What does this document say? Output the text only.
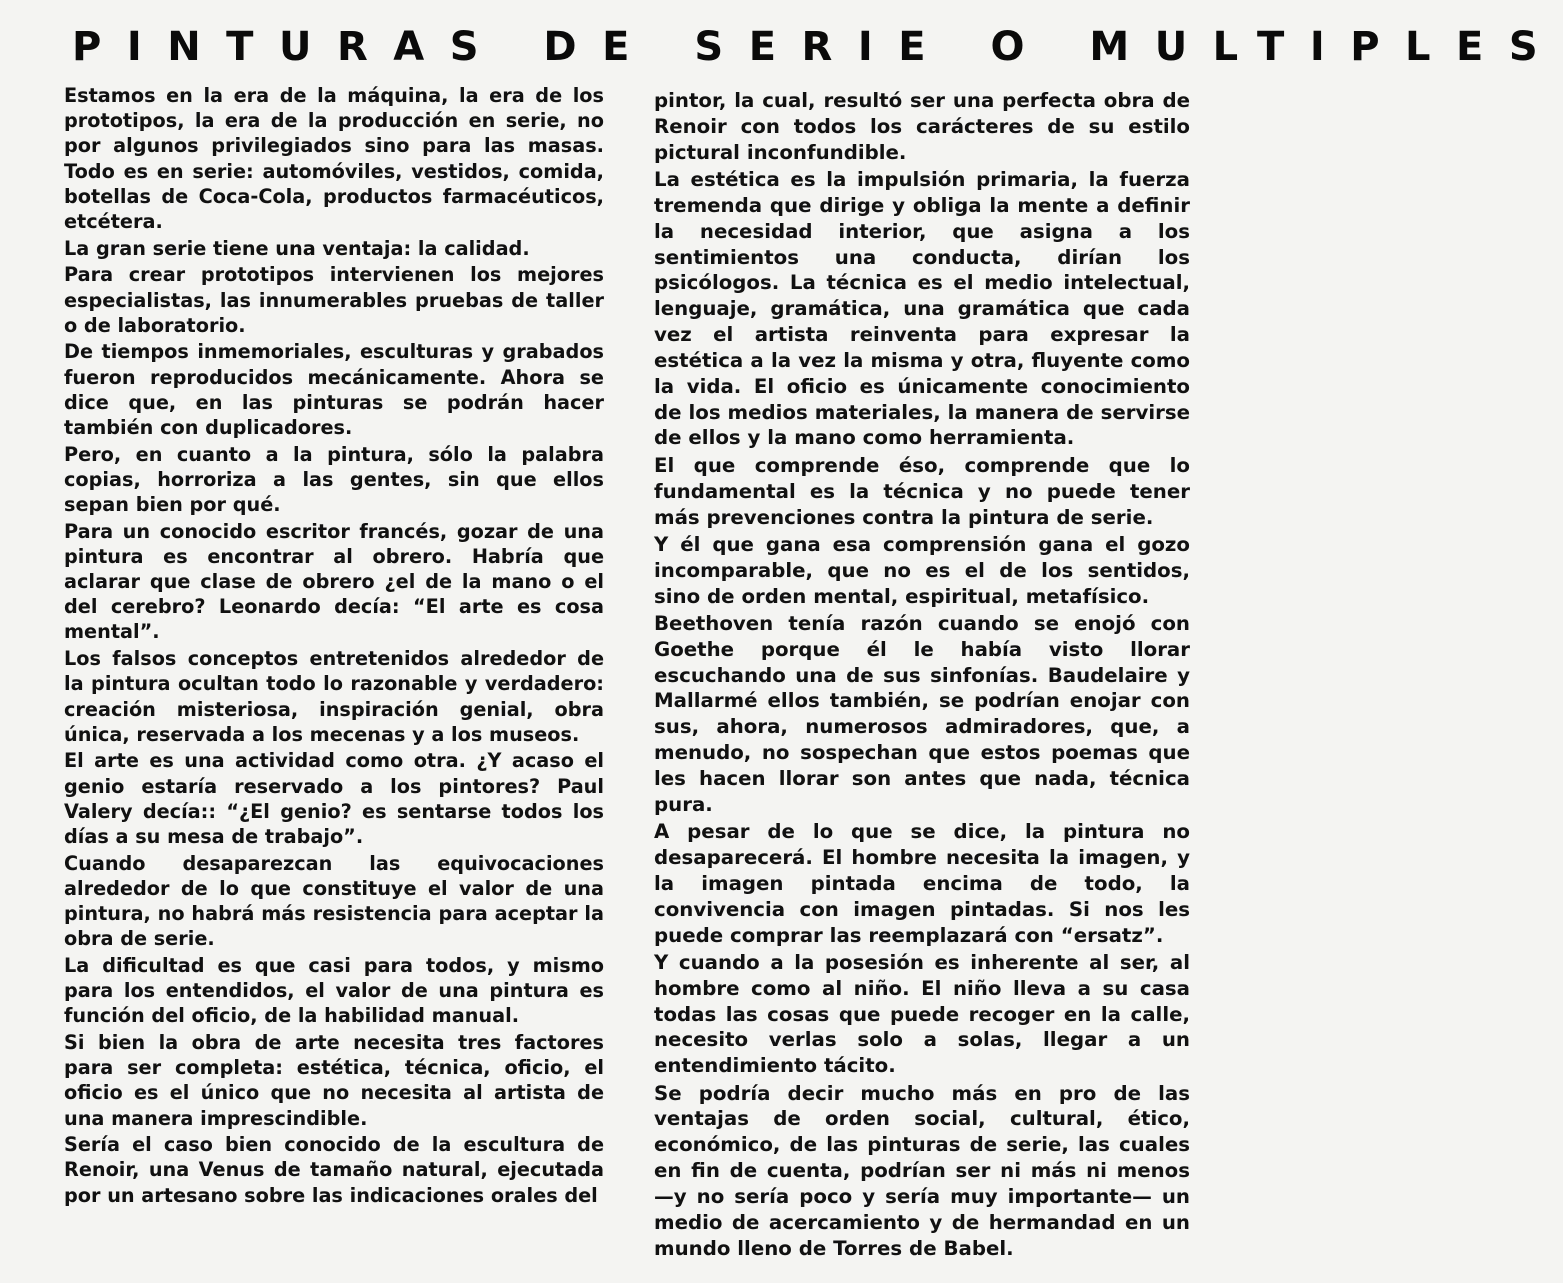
PINTURAS DE SERIE O MULTIPLES

Estamos en la era de la máquina, la era de los prototipos, la era de la producción en serie, no por algunos privilegiados sino para las masas. Todo es en serie: automóviles, vestidos, comida, botellas de Coca-Cola, productos farmacéuticos, etcétera.

La gran serie tiene una ventaja: la calidad.

Para crear prototipos intervienen los mejores especialistas, las innumerables pruebas de taller o de laboratorio.

De tiempos inmemoriales, esculturas y grabados fueron reproducidos mecánicamente. Ahora se dice que, en las pinturas se podrán hacer también con duplicadores.

Pero, en cuanto a la pintura, sólo la palabra copias, horroriza a las gentes, sin que ellos sepan bien por qué.

Para un conocido escritor francés, gozar de una pintura es encontrar al obrero. Habría que aclarar que clase de obrero ¿el de la mano o el del cerebro? Leonardo decía: “El arte es cosa mental”.

Los falsos conceptos entretenidos alrededor de la pintura ocultan todo lo razonable y verdadero: creación misteriosa, inspiración genial, obra única, reservada a los mecenas y a los museos.

El arte es una actividad como otra. ¿Y acaso el genio estaría reservado a los pintores? Paul Valery decía:: “¿El genio? es sentarse todos los días a su mesa de trabajo”.

Cuando desaparezcan las equivocaciones alrededor de lo que constituye el valor de una pintura, no habrá más resistencia para aceptar la obra de serie.

La dificultad es que casi para todos, y mismo para los entendidos, el valor de una pintura es función del oficio, de la habilidad manual.

Si bien la obra de arte necesita tres factores para ser completa: estética, técnica, oficio, el oficio es el único que no necesita al artista de una manera imprescindible.

Sería el caso bien conocido de la escultura de Renoir, una Venus de tamaño natural, ejecutada por un artesano sobre las indicaciones orales del

pintor, la cual, resultó ser una perfecta obra de Renoir con todos los carácteres de su estilo pictural inconfundible.

La estética es la impulsión primaria, la fuerza tremenda que dirige y obliga la mente a definir la necesidad interior, que asigna a los sentimientos una conducta, dirían los psicólogos. La técnica es el medio intelectual, lenguaje, gramática, una gramática que cada vez el artista reinventa para expresar la estética a la vez la misma y otra, fluyente como la vida. El oficio es únicamente conocimiento de los medios materiales, la manera de servirse de ellos y la mano como herramienta.

El que comprende éso, comprende que lo fundamental es la técnica y no puede tener más prevenciones contra la pintura de serie.

Y él que gana esa comprensión gana el gozo incomparable, que no es el de los sentidos, sino de orden mental, espiritual, metafísico.

Beethoven tenía razón cuando se enojó con Goethe porque él le había visto llorar escuchando una de sus sinfonías. Baudelaire y Mallarmé ellos también, se podrían enojar con sus, ahora, numerosos admiradores, que, a menudo, no sospechan que estos poemas que les hacen llorar son antes que nada, técnica pura.

A pesar de lo que se dice, la pintura no desaparecerá. El hombre necesita la imagen, y la imagen pintada encima de todo, la convivencia con imagen pintadas. Si nos les puede comprar las reemplazará con “ersatz”.

Y cuando a la posesión es inherente al ser, al hombre como al niño. El niño lleva a su casa todas las cosas que puede recoger en la calle, necesito verlas solo a solas, llegar a un entendimiento tácito.

Se podría decir mucho más en pro de las ventajas de orden social, cultural, ético, económico, de las pinturas de serie, las cuales en fin de cuenta, podrían ser ni más ni menos —y no sería poco y sería muy importante— un medio de acercamiento y de hermandad en un mundo lleno de Torres de Babel.
